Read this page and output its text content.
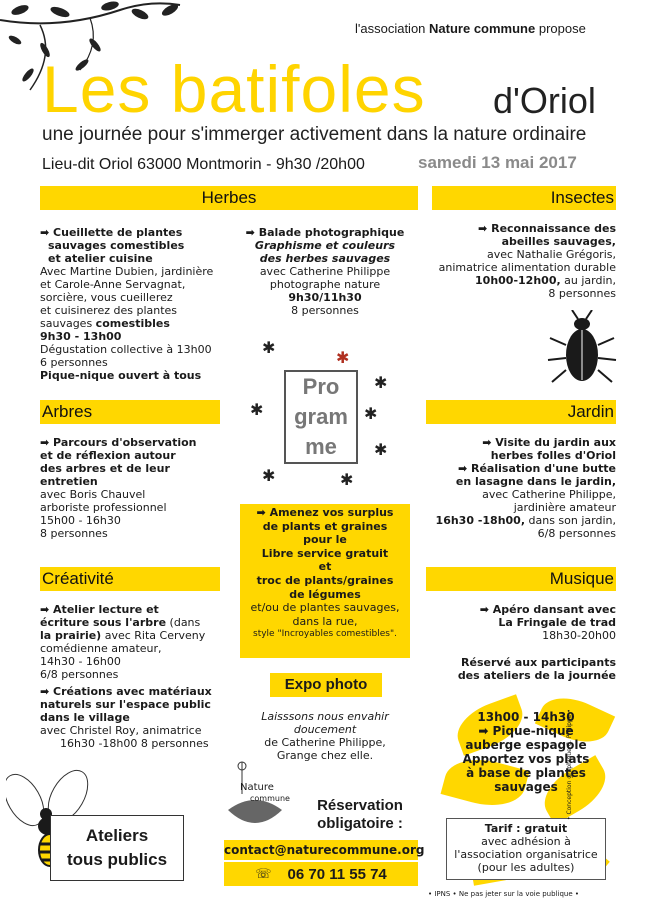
l'association Nature commune propose
Les batifoles d'Oriol
une journée pour s'immerger activement dans la nature ordinaire
Lieu-dit Oriol 63000 Montmorin - 9h30 /20h00	samedi 13 mai 2017
Herbes	Insectes
Arbres	Jardin
Créativité	Musique
➡ Cueillette de plantes
sauvages comestibles
et atelier cuisine
Avec Martine Dubien, jardinière
et Carole-Anne Servagnat,
sorcière, vous cueillerez
et cuisinerez des plantes
sauvages comestibles
9h30 - 13h00
Dégustation collective à 13h00
6 personnes
Pique-nique ouvert à tous
➡ Balade photographique
Graphisme et couleurs
des herbes sauvages
avec Catherine Philippe
photographe nature
9h30/11h30
8 personnes
➡ Reconnaissance des
abeilles sauvages,
avec Nathalie Grégoris,
animatrice alimentation durable
10h00-12h00, au jardin,
8 personnes
Pro
gram
me
✱
✱
✱
✱
✱
✱
✱	✱
➡ Parcours d'observation
et de réflexion autour
des arbres et de leur
entretien
avec Boris Chauvel
arboriste professionnel
15h00 - 16h30
8 personnes
➡ Visite du jardin aux
herbes folles d'Oriol
➡ Réalisation d'une butte
en lasagne dans le jardin,
avec Catherine Philippe,
jardinière amateur
16h30 -18h00, dans son jardin,
6/8 personnes
➡ Amenez vos surplus
de plants et graines
pour le
Libre service gratuit
et
troc de plants/graines
de légumes
et/ou de plantes sauvages,
dans la rue,
style "Incroyables comestibles".
➡ Atelier lecture et
écriture sous l'arbre (dans
la prairie) avec Rita Cerveny
comédienne amateur,
14h30 - 16h00
6/8 personnes
➡ Créations avec matériaux
naturels sur l'espace public
dans le village
avec Christel Roy, animatrice
16h30 -18h00 8 personnes
➡ Apéro dansant avec
La Fringale de trad
18h30-20h00
Réservé aux participants
des ateliers de la journée
Expo photo
Laisssons nous envahir
doucement
de Catherine Philippe,
Grange chez elle.
13h00 - 14h30
➡ Pique-nique
auberge espagole
Apportez vos plats
à base de plantes
sauvages
Ateliers
tous publics
Nature
commune	Réservation
obligatoire :
contact@naturecommune.org
☏ 06 70 11 55 74
Tarif : gratuit
avec adhésion à
l'association organisatrice
(pour les adultes)
• IPNS • Ne pas jeter sur la voie publique •
• Conception graphique C. Philippe •
